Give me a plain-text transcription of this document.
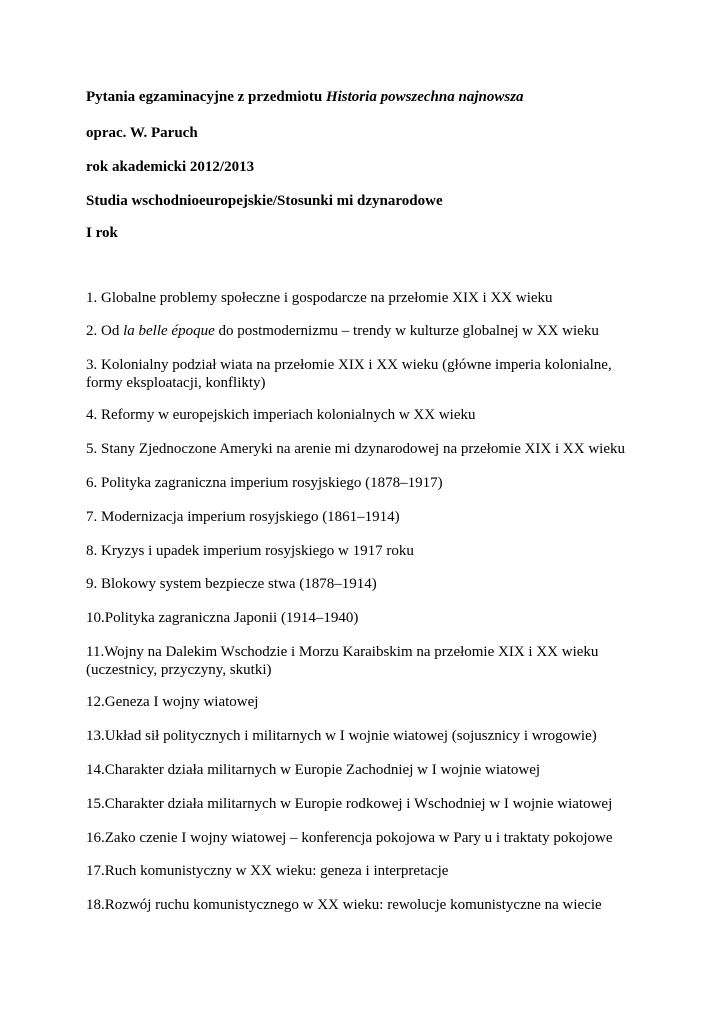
Pytania egzaminacyjne z przedmiotu Historia powszechna najnowsza
oprac. W. Paruch
rok akademicki 2012/2013
Studia wschodnioeuropejskie/Stosunki mi dzynarodowe
I rok
1. Globalne problemy społeczne i gospodarcze na przełomie XIX i XX wieku
2. Od la belle époque do postmodernizmu – trendy w kulturze globalnej w XX wieku
3. Kolonialny podział wiata na przełomie XIX i XX wieku (główne imperia kolonialne,
formy eksploatacji, konflikty)
4. Reformy w europejskich imperiach kolonialnych w XX wieku
5. Stany Zjednoczone Ameryki na arenie mi dzynarodowej na przełomie XIX i XX wieku
6. Polityka zagraniczna imperium rosyjskiego (1878–1917)
7. Modernizacja imperium rosyjskiego (1861–1914)
8. Kryzys i upadek imperium rosyjskiego w 1917 roku
9. Blokowy system bezpiecze stwa (1878–1914)
10.Polityka zagraniczna Japonii (1914–1940)
11.Wojny na Dalekim Wschodzie i Morzu Karaibskim na przełomie XIX i XX wieku
(uczestnicy, przyczyny, skutki)
12.Geneza I wojny wiatowej
13.Układ sił politycznych i militarnych w I wojnie wiatowej (sojusznicy i wrogowie)
14.Charakter działa militarnych w Europie Zachodniej w I wojnie wiatowej
15.Charakter działa militarnych w Europie rodkowej i Wschodniej w I wojnie wiatowej
16.Zako czenie I wojny wiatowej – konferencja pokojowa w Pary u i traktaty pokojowe
17.Ruch komunistyczny w XX wieku: geneza i interpretacje
18.Rozwój ruchu komunistycznego w XX wieku: rewolucje komunistyczne na wiecie
